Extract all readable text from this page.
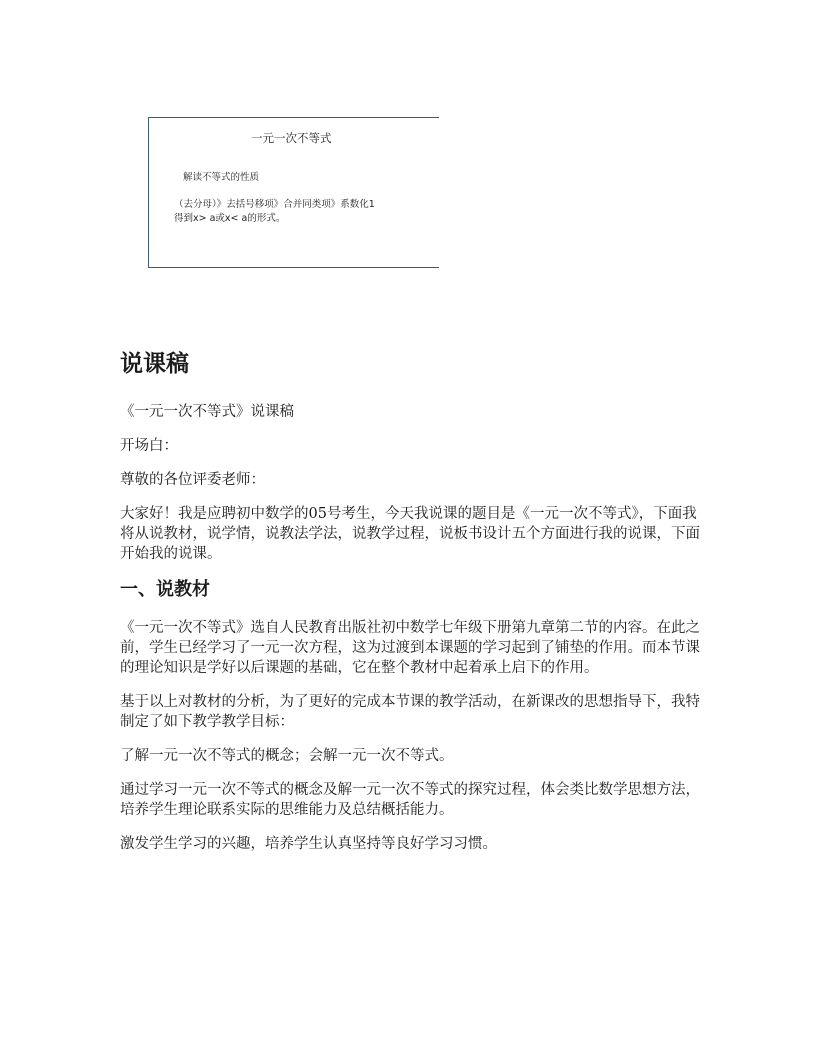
一元一次不等式
解读不等式的性质
（去分母）》去括号移项》合并同类项》系数化1
得到x> a或x< a的形式。
说课稿

《一元一次不等式》说课稿

开场白：

尊敬的各位评委老师：

大家好！我是应聘初中数学的05号考生，今天我说课的题目是《一元一次不等式》，下面我将从说教材，说学情，说教法学法，说教学过程，说板书设计五个方面进行我的说课，下面开始我的说课。

一、说教材

《一元一次不等式》选自人民教育出版社初中数学七年级下册第九章第二节的内容。在此之前，学生已经学习了一元一次方程，这为过渡到本课题的学习起到了铺垫的作用。而本节课的理论知识是学好以后课题的基础，它在整个教材中起着承上启下的作用。

基于以上对教材的分析，为了更好的完成本节课的教学活动，在新课改的思想指导下，我特制定了如下教学教学目标：

了解一元一次不等式的概念；会解一元一次不等式。

通过学习一元一次不等式的概念及解一元一次不等式的探究过程，体会类比数学思想方法，培养学生理论联系实际的思维能力及总结概括能力。

激发学生学习的兴趣，培养学生认真坚持等良好学习习惯。
